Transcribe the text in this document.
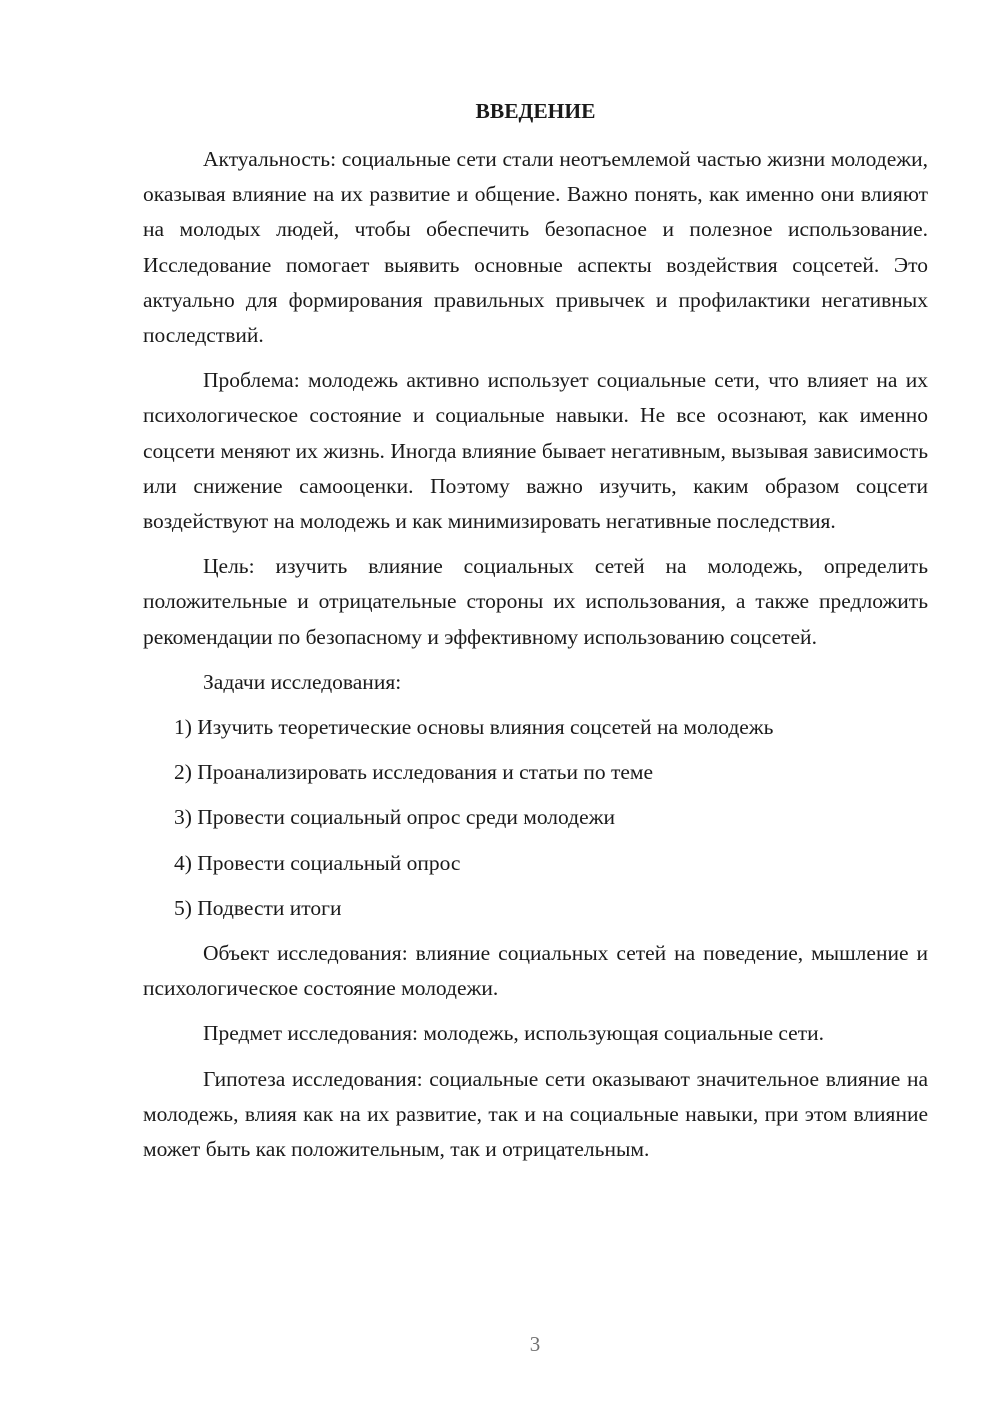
ВВЕДЕНИЕ

Актуальность: социальные сети стали неотъемлемой частью жизни молодежи, оказывая влияние на их развитие и общение. Важно понять, как именно они влияют на молодых людей, чтобы обеспечить безопасное и полезное использование. Исследование помогает выявить основные аспекты воздействия соцсетей. Это актуально для формирования правильных привычек и профилактики негативных последствий.

Проблема: молодежь активно использует социальные сети, что влияет на их психологическое состояние и социальные навыки. Не все осознают, как именно соцсети меняют их жизнь. Иногда влияние бывает негативным, вызывая зависимость или снижение самооценки. Поэтому важно изучить, каким образом соцсети воздействуют на молодежь и как минимизировать негативные последствия.

Цель: изучить влияние социальных сетей на молодежь, определить положительные и отрицательные стороны их использования, а также предложить рекомендации по безопасному и эффективному использованию соцсетей.

Задачи исследования:

1) Изучить теоретические основы влияния соцсетей на молодежь

2) Проанализировать исследования и статьи по теме

3) Провести социальный опрос среди молодежи

4) Провести социальный опрос

5) Подвести итоги

Объект исследования: влияние социальных сетей на поведение, мышление и психологическое состояние молодежи.

Предмет исследования: молодежь, использующая социальные сети.

Гипотеза исследования: социальные сети оказывают значительное влияние на молодежь, влияя как на их развитие, так и на социальные навыки, при этом влияние может быть как положительным, так и отрицательным.

3
